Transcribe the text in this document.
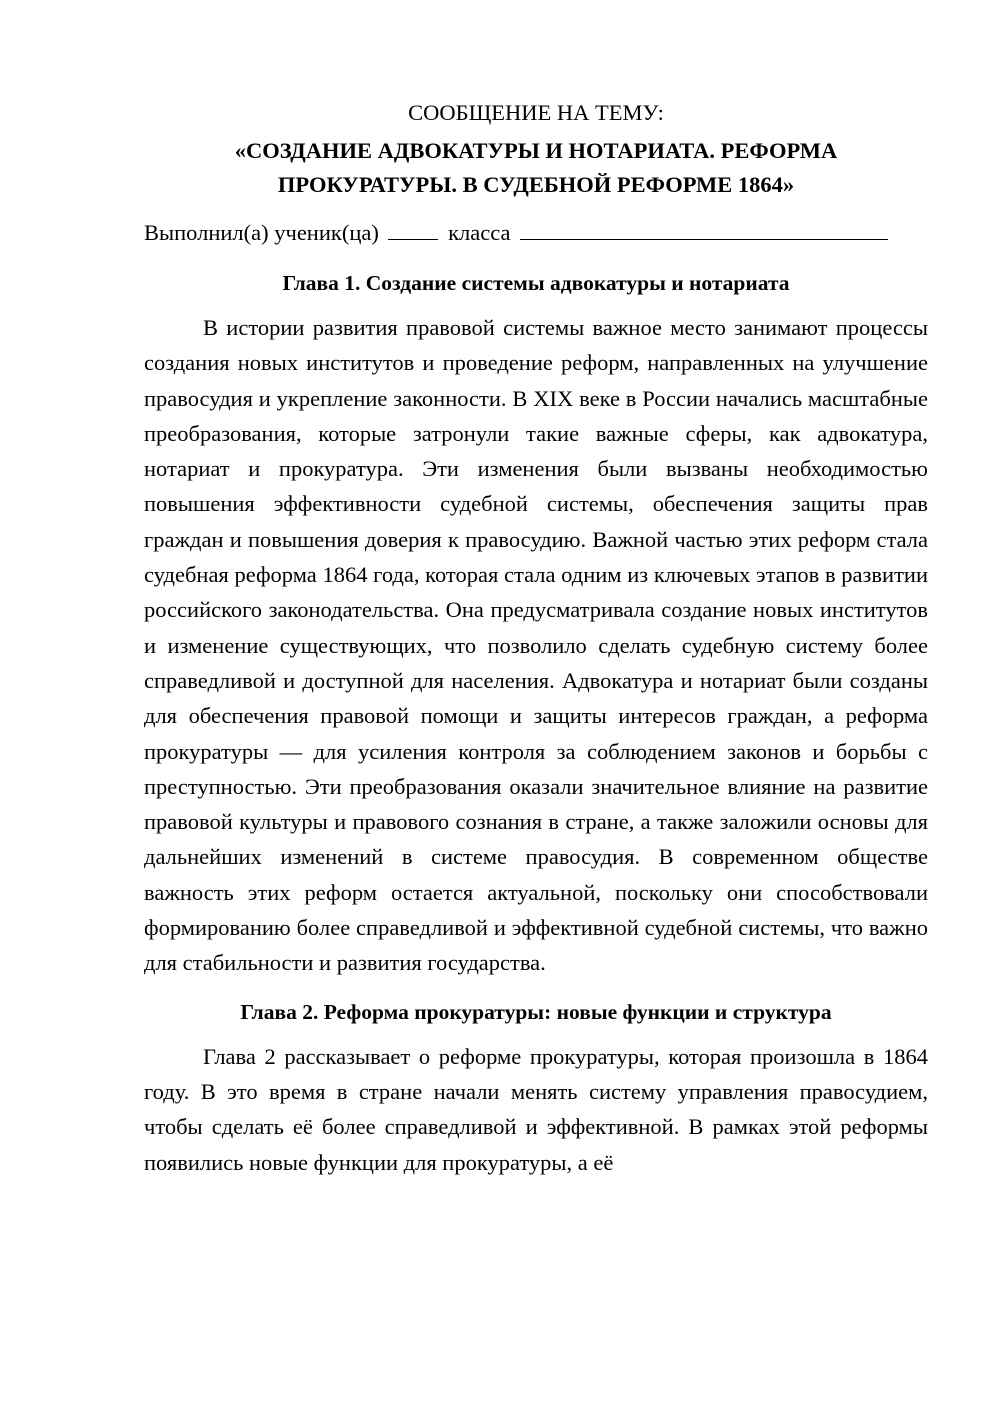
СООБЩЕНИЕ НА ТЕМУ:

«СОЗДАНИЕ АДВОКАТУРЫ И НОТАРИАТА. РЕФОРМА
ПРОКУРАТУРЫ. В СУДЕБНОЙ РЕФОРМЕ 1864»
Выполнил(а) ученик(ца)	класса
Глава 1. Создание системы адвокатуры и нотариата

В истории развития правовой системы важное место занимают процессы создания новых институтов и проведение реформ, направленных на улучшение правосудия и укрепление законности. В XIX веке в России начались масштабные преобразования, которые затронули такие важные сферы, как адвокатура, нотариат и прокуратура. Эти изменения были вызваны необходимостью повышения эффективности судебной системы, обеспечения защиты прав граждан и повышения доверия к правосудию. Важной частью этих реформ стала судебная реформа 1864 года, которая стала одним из ключевых этапов в развитии российского законодательства. Она предусматривала создание новых институтов и изменение существующих, что позволило сделать судебную систему более справедливой и доступной для населения. Адвокатура и нотариат были созданы для обеспечения правовой помощи и защиты интересов граждан, а реформа прокуратуры — для усиления контроля за соблюдением законов и борьбы с преступностью. Эти преобразования оказали значительное влияние на развитие правовой культуры и правового сознания в стране, а также заложили основы для дальнейших изменений в системе правосудия. В современном обществе важность этих реформ остается актуальной, поскольку они способствовали формированию более справедливой и эффективной судебной системы, что важно для стабильности и развития государства.

Глава 2. Реформа прокуратуры: новые функции и структура

Глава 2 рассказывает о реформе прокуратуры, которая произошла в 1864 году. В это время в стране начали менять систему управления правосудием, чтобы сделать её более справедливой и эффективной. В рамках этой реформы появились новые функции для прокуратуры, а её
